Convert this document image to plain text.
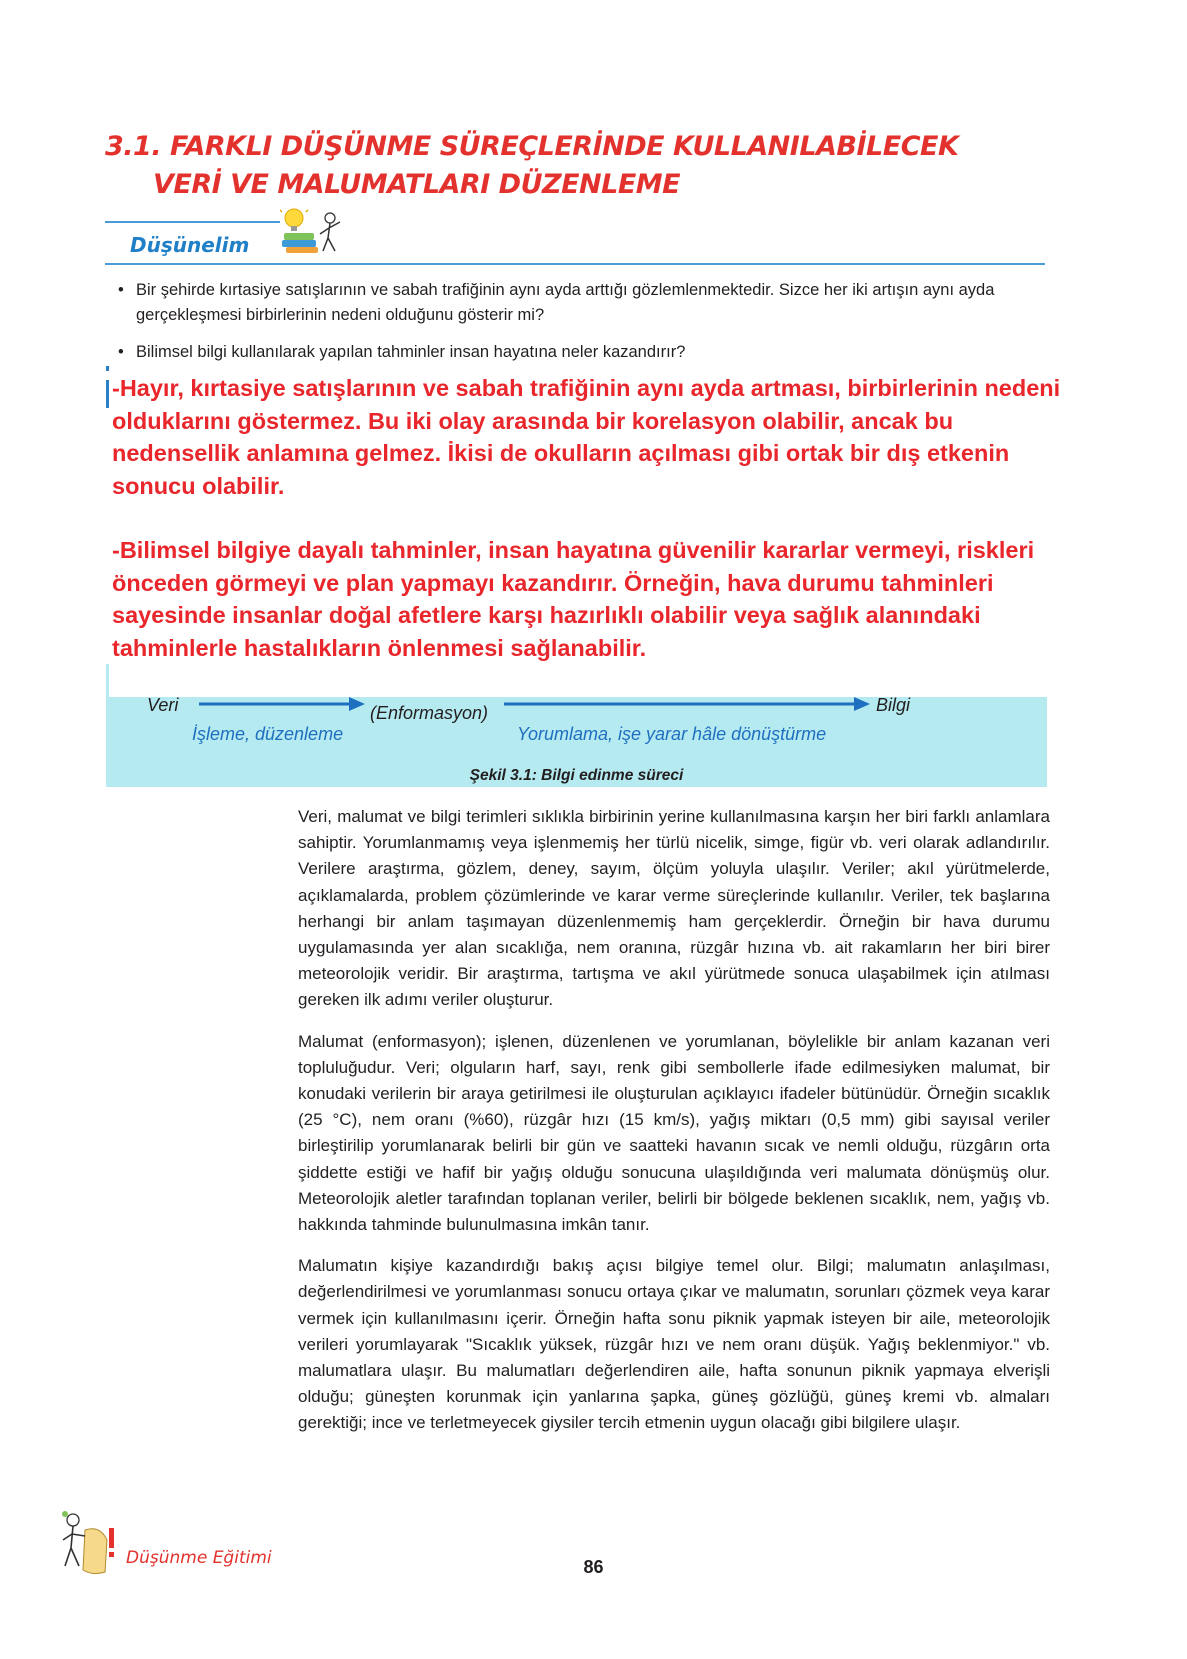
3.1. FARKLI DÜŞÜNME SÜREÇLERİNDE KULLANILABİLECEK
VERİ VE MALUMATLARI DÜZENLEME
Düşünelim
• Bir şehirde kırtasiye satışlarının ve sabah trafiğinin aynı ayda arttığı gözlemlenmektedir. Sizce her iki artışın aynı ayda gerçekleşmesi birbirlerinin nedeni olduğunu gösterir mi?
• Bilimsel bilgi kullanılarak yapılan tahminler insan hayatına neler kazandırır?

-Hayır, kırtasiye satışlarının ve sabah trafiğinin aynı ayda artması, birbirlerinin nedeni olduklarını göstermez. Bu iki olay arasında bir korelasyon olabilir, ancak bu nedensellik anlamına gelmez. İkisi de okulların açılması gibi ortak bir dış etkenin sonucu olabilir.

-Bilimsel bilgiye dayalı tahminler, insan hayatına güvenilir kararlar vermeyi, riskleri önceden görmeyi ve plan yapmayı kazandırır. Örneğin, hava durumu tahminleri sayesinde insanlar doğal afetlere karşı hazırlıklı olabilir veya sağlık alanındaki tahminlerle hastalıkların önlenmesi sağlanabilir.

Veri	(Enformasyon)	Bilgi
İşleme, düzenleme	Yorumlama, işe yarar hâle dönüştürme
Şekil 3.1: Bilgi edinme süreci

Veri, malumat ve bilgi terimleri sıklıkla birbirinin yerine kullanılmasına karşın her biri farklı anlamlara sahiptir. Yorumlanmamış veya işlenmemiş her türlü nicelik, simge, figür vb. veri olarak adlandırılır. Verilere araştırma, gözlem, deney, sayım, ölçüm yoluyla ulaşılır. Veriler; akıl yürütmelerde, açıklamalarda, problem çözümlerinde ve karar verme süreçlerinde kullanılır. Veriler, tek başlarına herhangi bir anlam taşımayan düzenlenmemiş ham gerçeklerdir. Örneğin bir hava durumu uygulamasında yer alan sıcaklığa, nem oranına, rüzgâr hızına vb. ait rakamların her biri birer meteorolojik veridir. Bir araştırma, tartışma ve akıl yürütmede sonuca ulaşabilmek için atılması gereken ilk adımı veriler oluşturur.

Malumat (enformasyon); işlenen, düzenlenen ve yorumlanan, böylelikle bir anlam kazanan veri topluluğudur. Veri; olguların harf, sayı, renk gibi sembollerle ifade edilmesiyken malumat, bir konudaki verilerin bir araya getirilmesi ile oluşturulan açıklayıcı ifadeler bütünüdür. Örneğin sıcaklık (25 °C), nem oranı (%60), rüzgâr hızı (15 km/s), yağış miktarı (0,5 mm) gibi sayısal veriler birleştirilip yorumlanarak belirli bir gün ve saatteki havanın sıcak ve nemli olduğu, rüzgârın orta şiddette estiği ve hafif bir yağış olduğu sonucuna ulaşıldığında veri malumata dönüşmüş olur. Meteorolojik aletler tarafından toplanan veriler, belirli bir bölgede beklenen sıcaklık, nem, yağış vb. hakkında tahminde bulunulmasına imkân tanır.

Malumatın kişiye kazandırdığı bakış açısı bilgiye temel olur. Bilgi; malumatın anlaşılması, değerlendirilmesi ve yorumlanması sonucu ortaya çıkar ve malumatın, sorunları çözmek veya karar vermek için kullanılmasını içerir. Örneğin hafta sonu piknik yapmak isteyen bir aile, meteorolojik verileri yorumlayarak "Sıcaklık yüksek, rüzgâr hızı ve nem oranı düşük. Yağış beklenmiyor." vb. malumatlara ulaşır. Bu malumatları değerlendiren aile, hafta sonunun piknik yapmaya elverişli olduğu; güneşten korunmak için yanlarına şapka, güneş gözlüğü, güneş kremi vb. almaları gerektiği; ince ve terletmeyecek giysiler tercih etmenin uygun olacağı gibi bilgilere ulaşır.

Düşünme Eğitimi	86
